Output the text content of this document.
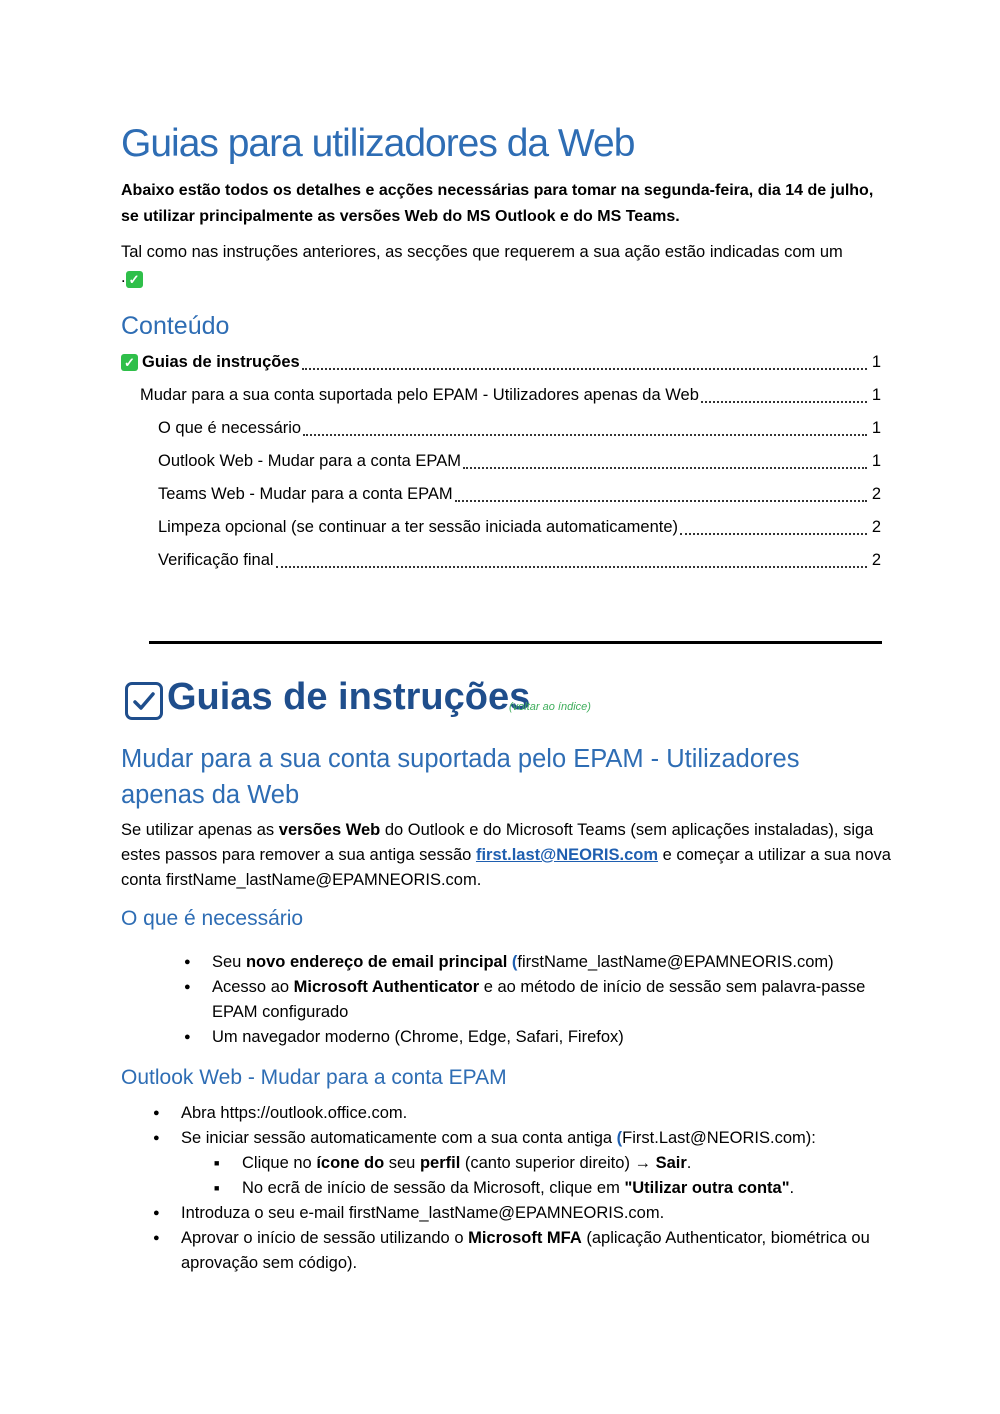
Guias para utilizadores da Web
Abaixo estão todos os detalhes e acções necessárias para tomar na segunda-feira, dia 14 de julho, se utilizar principalmente as versões Web do MS Outlook e do MS Teams.
Tal como nas instruções anteriores, as secções que requerem a sua ação estão indicadas com um
. ✓
Conteúdo
✓ Guias de instruções	1
Mudar para a sua conta suportada pelo EPAM - Utilizadores apenas da Web	1
O que é necessário	1
Outlook Web - Mudar para a conta EPAM	1
Teams Web - Mudar para a conta EPAM	2
Limpeza opcional (se continuar a ter sessão iniciada automaticamente)	2
Verificação final	2
Guias de instruções
(voltar ao índice)
Mudar para a sua conta suportada pelo EPAM - Utilizadores apenas da Web
Se utilizar apenas as versões Web do Outlook e do Microsoft Teams (sem aplicações instaladas), siga estes passos para remover a sua antiga sessão first.last@NEORIS.com e começar a utilizar a sua nova conta firstName_lastName@EPAMNEORIS.com.
O que é necessário
● Seu novo endereço de email principal (firstName_lastName@EPAMNEORIS.com)
● Acesso ao Microsoft Authenticator e ao método de início de sessão sem palavra-passe EPAM configurado
● Um navegador moderno (Chrome, Edge, Safari, Firefox)
Outlook Web - Mudar para a conta EPAM
● Abra https://outlook.office.com.
● Se iniciar sessão automaticamente com a sua conta antiga (First.Last@NEORIS.com):
■ Clique no ícone do seu perfil (canto superior direito) → Sair.
■ No ecrã de início de sessão da Microsoft, clique em "Utilizar outra conta".
● Introduza o seu e-mail firstName_lastName@EPAMNEORIS.com.
● Aprovar o início de sessão utilizando o Microsoft MFA (aplicação Authenticator, biométrica ou aprovação sem código).
